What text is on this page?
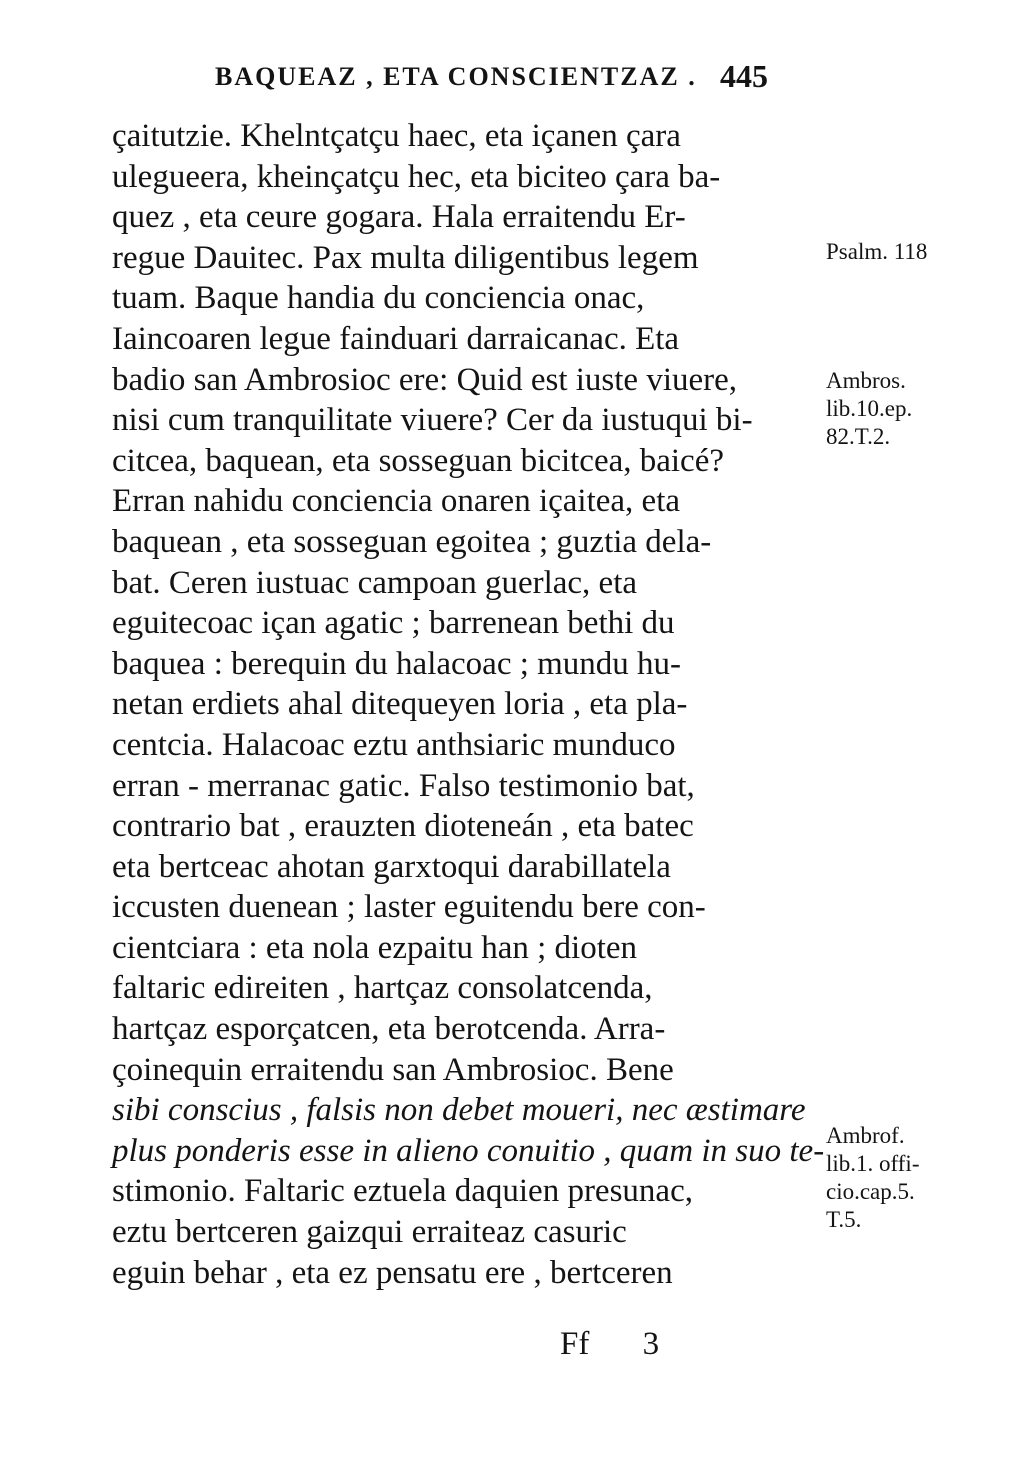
BAQUEAZ , ETA CONSCIENTZAZ . 445
çaitutzie. Khelntçatçu haec, eta içanen çara
ulegueera, kheinçatçu hec, eta biciteo çara ba-
quez , eta ceure gogara. Hala erraitendu Er-
regue Dauitec. Pax multa diligentibus legem
tuam. Baque handia du conciencia onac,
Iaincoaren legue fainduari darraicanac. Eta
badio san Ambrosioc ere: Quid est iuste viuere,
nisi cum tranquilitate viuere? Cer da iustuqui bi-
citcea, baquean, eta sosseguan bicitcea, baicé?
Erran nahidu conciencia onaren içaitea, eta
baquean , eta sosseguan egoitea ; guztia dela-
bat. Ceren iustuac campoan guerlac, eta
eguitecoac içan agatic ; barrenean bethi du
baquea : berequin du halacoac ; mundu hu-
netan erdiets ahal ditequeyen loria , eta pla-
centcia. Halacoac eztu anthsiaric munduco
erran - merranac gatic. Falso testimonio bat,
contrario bat , erauzten dioteneán , eta batec
eta bertceac ahotan garxtoqui darabillatela
iccusten duenean ; laster eguitendu bere con-
cientciara : eta nola ezpaitu han ; dioten
faltaric edireiten , hartçaz consolatcenda,
hartçaz esporçatcen, eta berotcenda. Arra-
çoinequin erraitendu san Ambrosioc. Bene
sibi conscius , falsis non debet moueri, nec æstimare
plus ponderis esse in alieno conuitio , quam in suo te-
stimonio. Faltaric eztuela daquien presunac,
eztu bertceren gaizqui erraiteaz casuric
eguin behar , eta ez pensatu ere , bertceren
Psalm. 118
Ambros.
lib.10.ep.
82.T.2.
Ambrof.
lib.1. offi-
cio.cap.5.
T.5.
Ff 3
